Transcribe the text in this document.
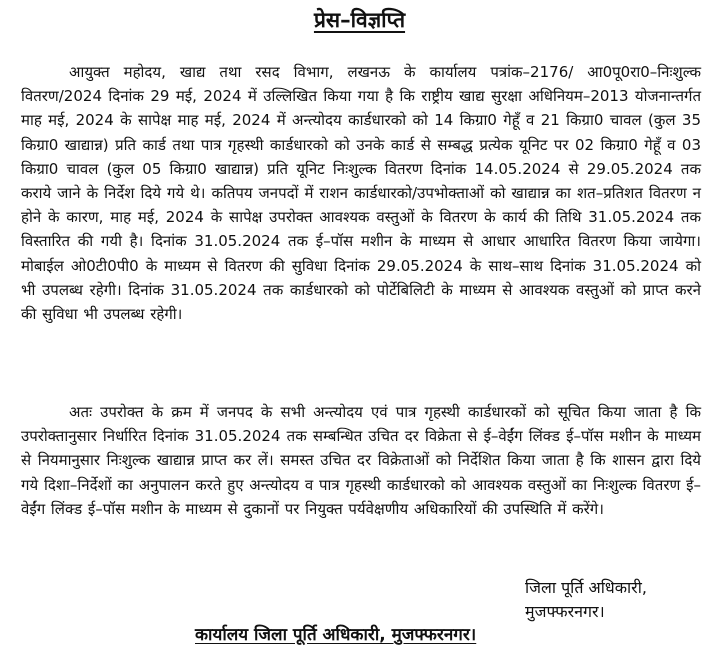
प्रेस–विज्ञप्ति

आयुक्त महोदय, खाद्य तथा रसद विभाग, लखनऊ के कार्यालय पत्रांक–2176/ आ0पू0रा0–निःशुल्क वितरण/2024 दिनांक 29 मई, 2024 में उल्लिखित किया गया है कि राष्ट्रीय खाद्य सुरक्षा अधिनियम–2013 योजनान्तर्गत माह मई, 2024 के सापेक्ष माह मई, 2024 में अन्त्योदय कार्डधारको को 14 किग्रा0 गेहूँ व 21 किग्रा0 चावल (कुल 35 किग्रा0 खाद्यान्न) प्रति कार्ड तथा पात्र गृहस्थी कार्डधारको को उनके कार्ड से सम्बद्ध प्रत्येक यूनिट पर 02 किग्रा0 गेहूँ व 03 किग्रा0 चावल (कुल 05 किग्रा0 खाद्यान्न) प्रति यूनिट निःशुल्क वितरण दिनांक 14.05.2024 से 29.05.2024 तक कराये जाने के निर्देश दिये गये थे। कतिपय जनपदों में राशन कार्डधारको/उपभोक्ताओं को खाद्यान्न का शत–प्रतिशत वितरण न होने के कारण, माह मई, 2024 के सापेक्ष उपरोक्त आवश्यक वस्तुओं के वितरण के कार्य की तिथि 31.05.2024 तक विस्तारित की गयी है। दिनांक 31.05.2024 तक ई–पॉस मशीन के माध्यम से आधार आधारित वितरण किया जायेगा। मोबाईल ओ0टी0पी0 के माध्यम से वितरण की सुविधा दिनांक 29.05.2024 के साथ–साथ दिनांक 31.05.2024 को भी उपलब्ध रहेगी। दिनांक 31.05.2024 तक कार्डधारको को पोर्टेबिलिटी के माध्यम से आवश्यक वस्तुओं को प्राप्त करने की सुविधा भी उपलब्ध रहेगी।

अतः उपरोक्त के क्रम में जनपद के सभी अन्त्योदय एवं पात्र गृहस्थी कार्डधारकों को सूचित किया जाता है कि उपरोक्तानुसार निर्धारित दिनांक 31.05.2024 तक सम्बन्धित उचित दर विक्रेता से ई–वेईंग लिंक्ड ई–पॉस मशीन के माध्यम से नियमानुसार निःशुल्क खाद्यान्न प्राप्त कर लें। समस्त उचित दर विक्रेताओं को निर्देशित किया जाता है कि शासन द्वारा दिये गये दिशा–निर्देशों का अनुपालन करते हुए अन्त्योदय व पात्र गृहस्थी कार्डधारको को आवश्यक वस्तुओं का निःशुल्क वितरण ई–वेईंग लिंक्ड ई–पॉस मशीन के माध्यम से दुकानों पर नियुक्त पर्यवेक्षणीय अधिकारियों की उपस्थिति में करेंगे।

जिला पूर्ति अधिकारी,
मुजफ्फरनगर।
कार्यालय जिला पूर्ति अधिकारी, मुजफ्फरनगर।
